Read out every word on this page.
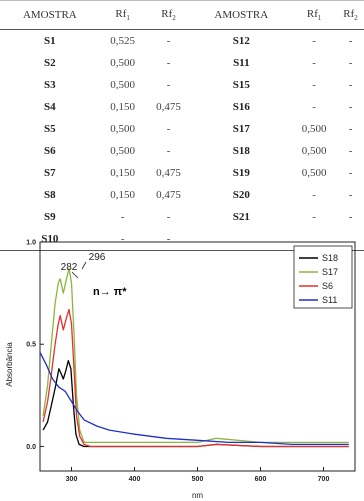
AMOSTRA	$Rf_1$	$Rf_2$	AMOSTRA	$Rf_1$	$Rf_2$
S1	0,525	-	S12	-	-
S2	0,500	-	S11	-	-
S3	0,500	-	S15	-	-
S4	0,150	0,475	S16	-	-
S5	0,500	-	S17	0,500	-
S6	0,500	-	S18	0,500	-
S7	0,150	0,475	S19	0,500	-
S8	0,150	0,475	S20	-	-
S9	-	-	S21	-	-
S10	-	-			
300	400	500	600	700
0.0
0.5
1.0
nm
Absorbância
S18
S17
S6
S11
282
296
n→ π*
